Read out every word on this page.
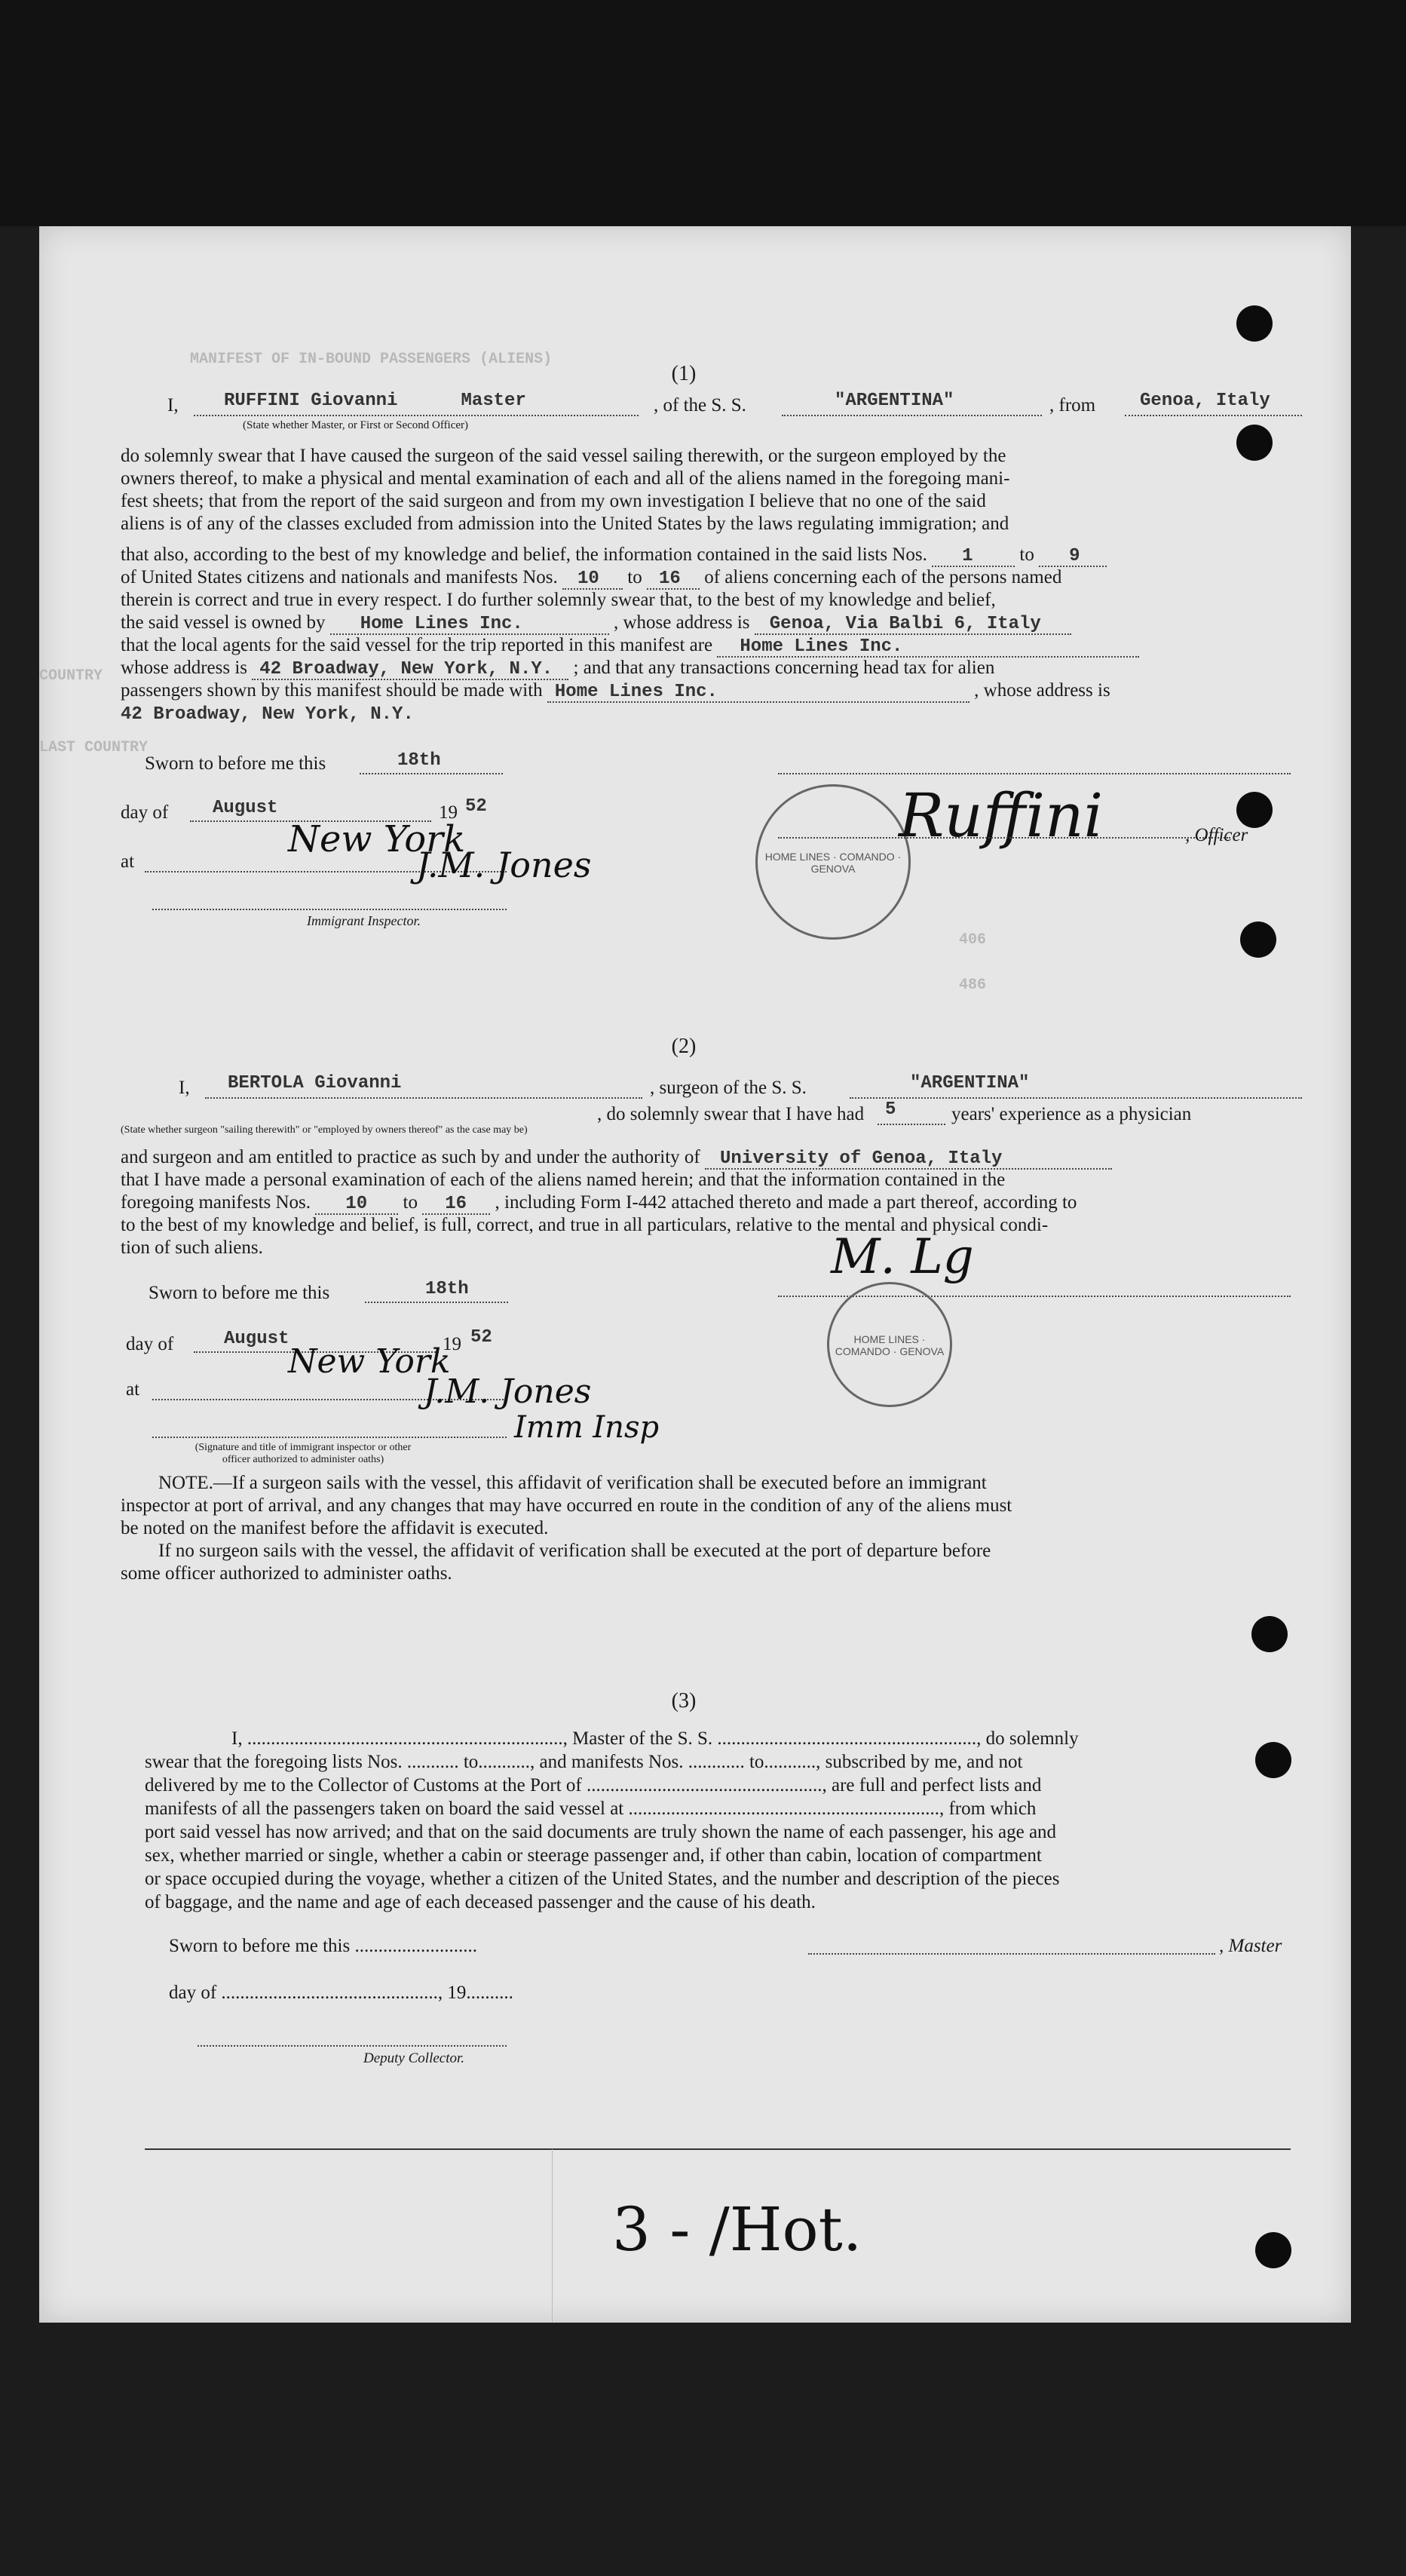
MANIFEST OF IN-BOUND PASSENGERS (ALIENS)
COUNTRY
LAST COUNTRY
406
486
(1)
I,	RUFFINI Giovanni	Master
(State whether Master, or First or Second Officer)
, of the S. S.	"ARGENTINA"	, from	Genoa, Italy
do solemnly swear that I have caused the surgeon of the said vessel sailing therewith, or the surgeon employed by the
owners thereof, to make a physical and mental examination of each and all of the aliens named in the foregoing mani-
fest sheets; that from the report of the said surgeon and from my own investigation I believe that no one of the said
aliens is of any of the classes excluded from admission into the United States by the laws regulating immigration; and
that also, according to the best of my knowledge and belief, the information contained in the said lists Nos. 1 to 9
of United States citizens and nationals and manifests Nos. 10 to 16 of aliens concerning each of the persons named
therein is correct and true in every respect. I do further solemnly swear that, to the best of my knowledge and belief,
the said vessel is owned by Home Lines Inc.	, whose address is Genoa, Via Balbi 6, Italy
that the local agents for the said vessel for the trip reported in this manifest are Home Lines Inc.
whose address is 42 Broadway, New York, N.Y. ; and that any transactions concerning head tax for alien
passengers shown by this manifest should be made with Home Lines Inc.	, whose address is
42 Broadway, New York, N.Y.
Sworn to before me this	18th
day of	August	19 52
at
New York
J.M. Jones
Immigrant Inspector.
HOME LINES · COMANDO · GENOVA
Ruffini	, Officer
(2)
I,	BERTOLA Giovanni	, surgeon of the S. S.	"ARGENTINA"
, do solemnly swear that I have had	5	years' experience as a physician
(State whether surgeon "sailing therewith" or "employed by owners thereof" as the case may be)
and surgeon and am entitled to practice as such by and under the authority of University of Genoa, Italy
that I have made a personal examination of each of the aliens named herein; and that the information contained in the
foregoing manifests Nos. 10 to 16 , including Form I-442 attached thereto and made a part thereof, according to
to the best of my knowledge and belief, is full, correct, and true in all particulars, relative to the mental and physical condi-
tion of such aliens.
Sworn to before me this	18th
M. Lg
HOME LINES · COMANDO · GENOVA
day of	August	19 52
at
New York
J.M. Jones
Imm Insp
(Signature and title of immigrant inspector or other officer authorized to administer oaths)
NOTE.—If a surgeon sails with the vessel, this affidavit of verification shall be executed before an immigrant
inspector at port of arrival, and any changes that may have occurred en route in the condition of any of the aliens must
be noted on the manifest before the affidavit is executed.
If no surgeon sails with the vessel, the affidavit of verification shall be executed at the port of departure before
some officer authorized to administer oaths.
(3)
I, ..................................................................., Master of the S. S. ......................................................., do solemnly
swear that the foregoing lists Nos. ........... to..........., and manifests Nos. ............ to..........., subscribed by me, and not
delivered by me to the Collector of Customs at the Port of .................................................., are full and perfect lists and
manifests of all the passengers taken on board the said vessel at .................................................................., from which
port said vessel has now arrived; and that on the said documents are truly shown the name of each passenger, his age and
sex, whether married or single, whether a cabin or steerage passenger and, if other than cabin, location of compartment
or space occupied during the voyage, whether a citizen of the United States, and the number and description of the pieces
of baggage, and the name and age of each deceased passenger and the cause of his death.
Sworn to before me this ..........................	, Master
day of .............................................., 19..........
Deputy Collector.
3 - /Hot.
